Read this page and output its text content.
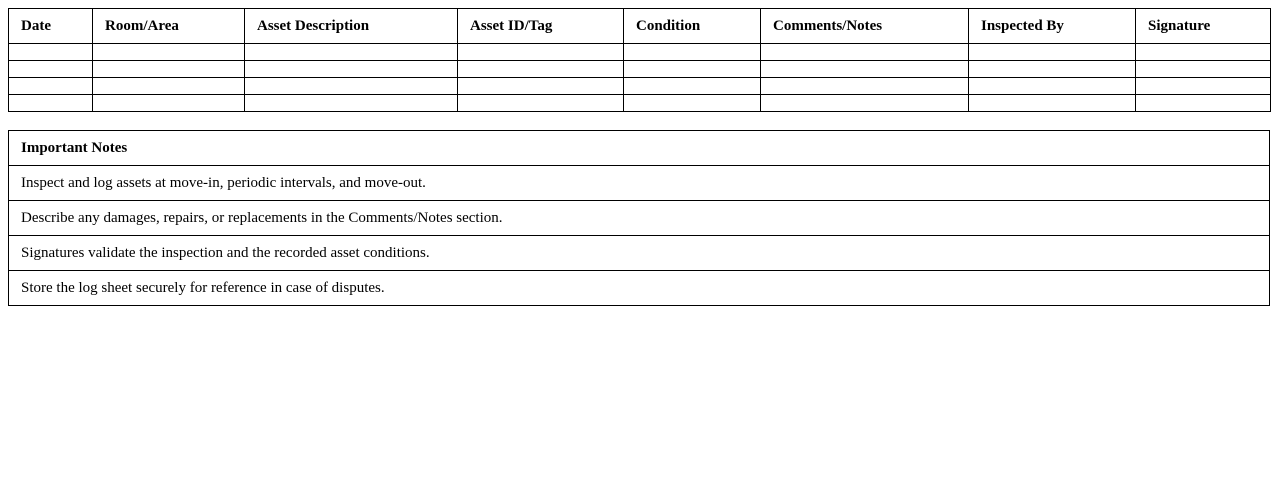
Date	Room/Area	Asset Description	Asset ID/Tag	Condition	Comments/Notes	Inspected By	Signature

Important Notes
Inspect and log assets at move-in, periodic intervals, and move-out.
Describe any damages, repairs, or replacements in the Comments/Notes section.
Signatures validate the inspection and the recorded asset conditions.
Store the log sheet securely for reference in case of disputes.
